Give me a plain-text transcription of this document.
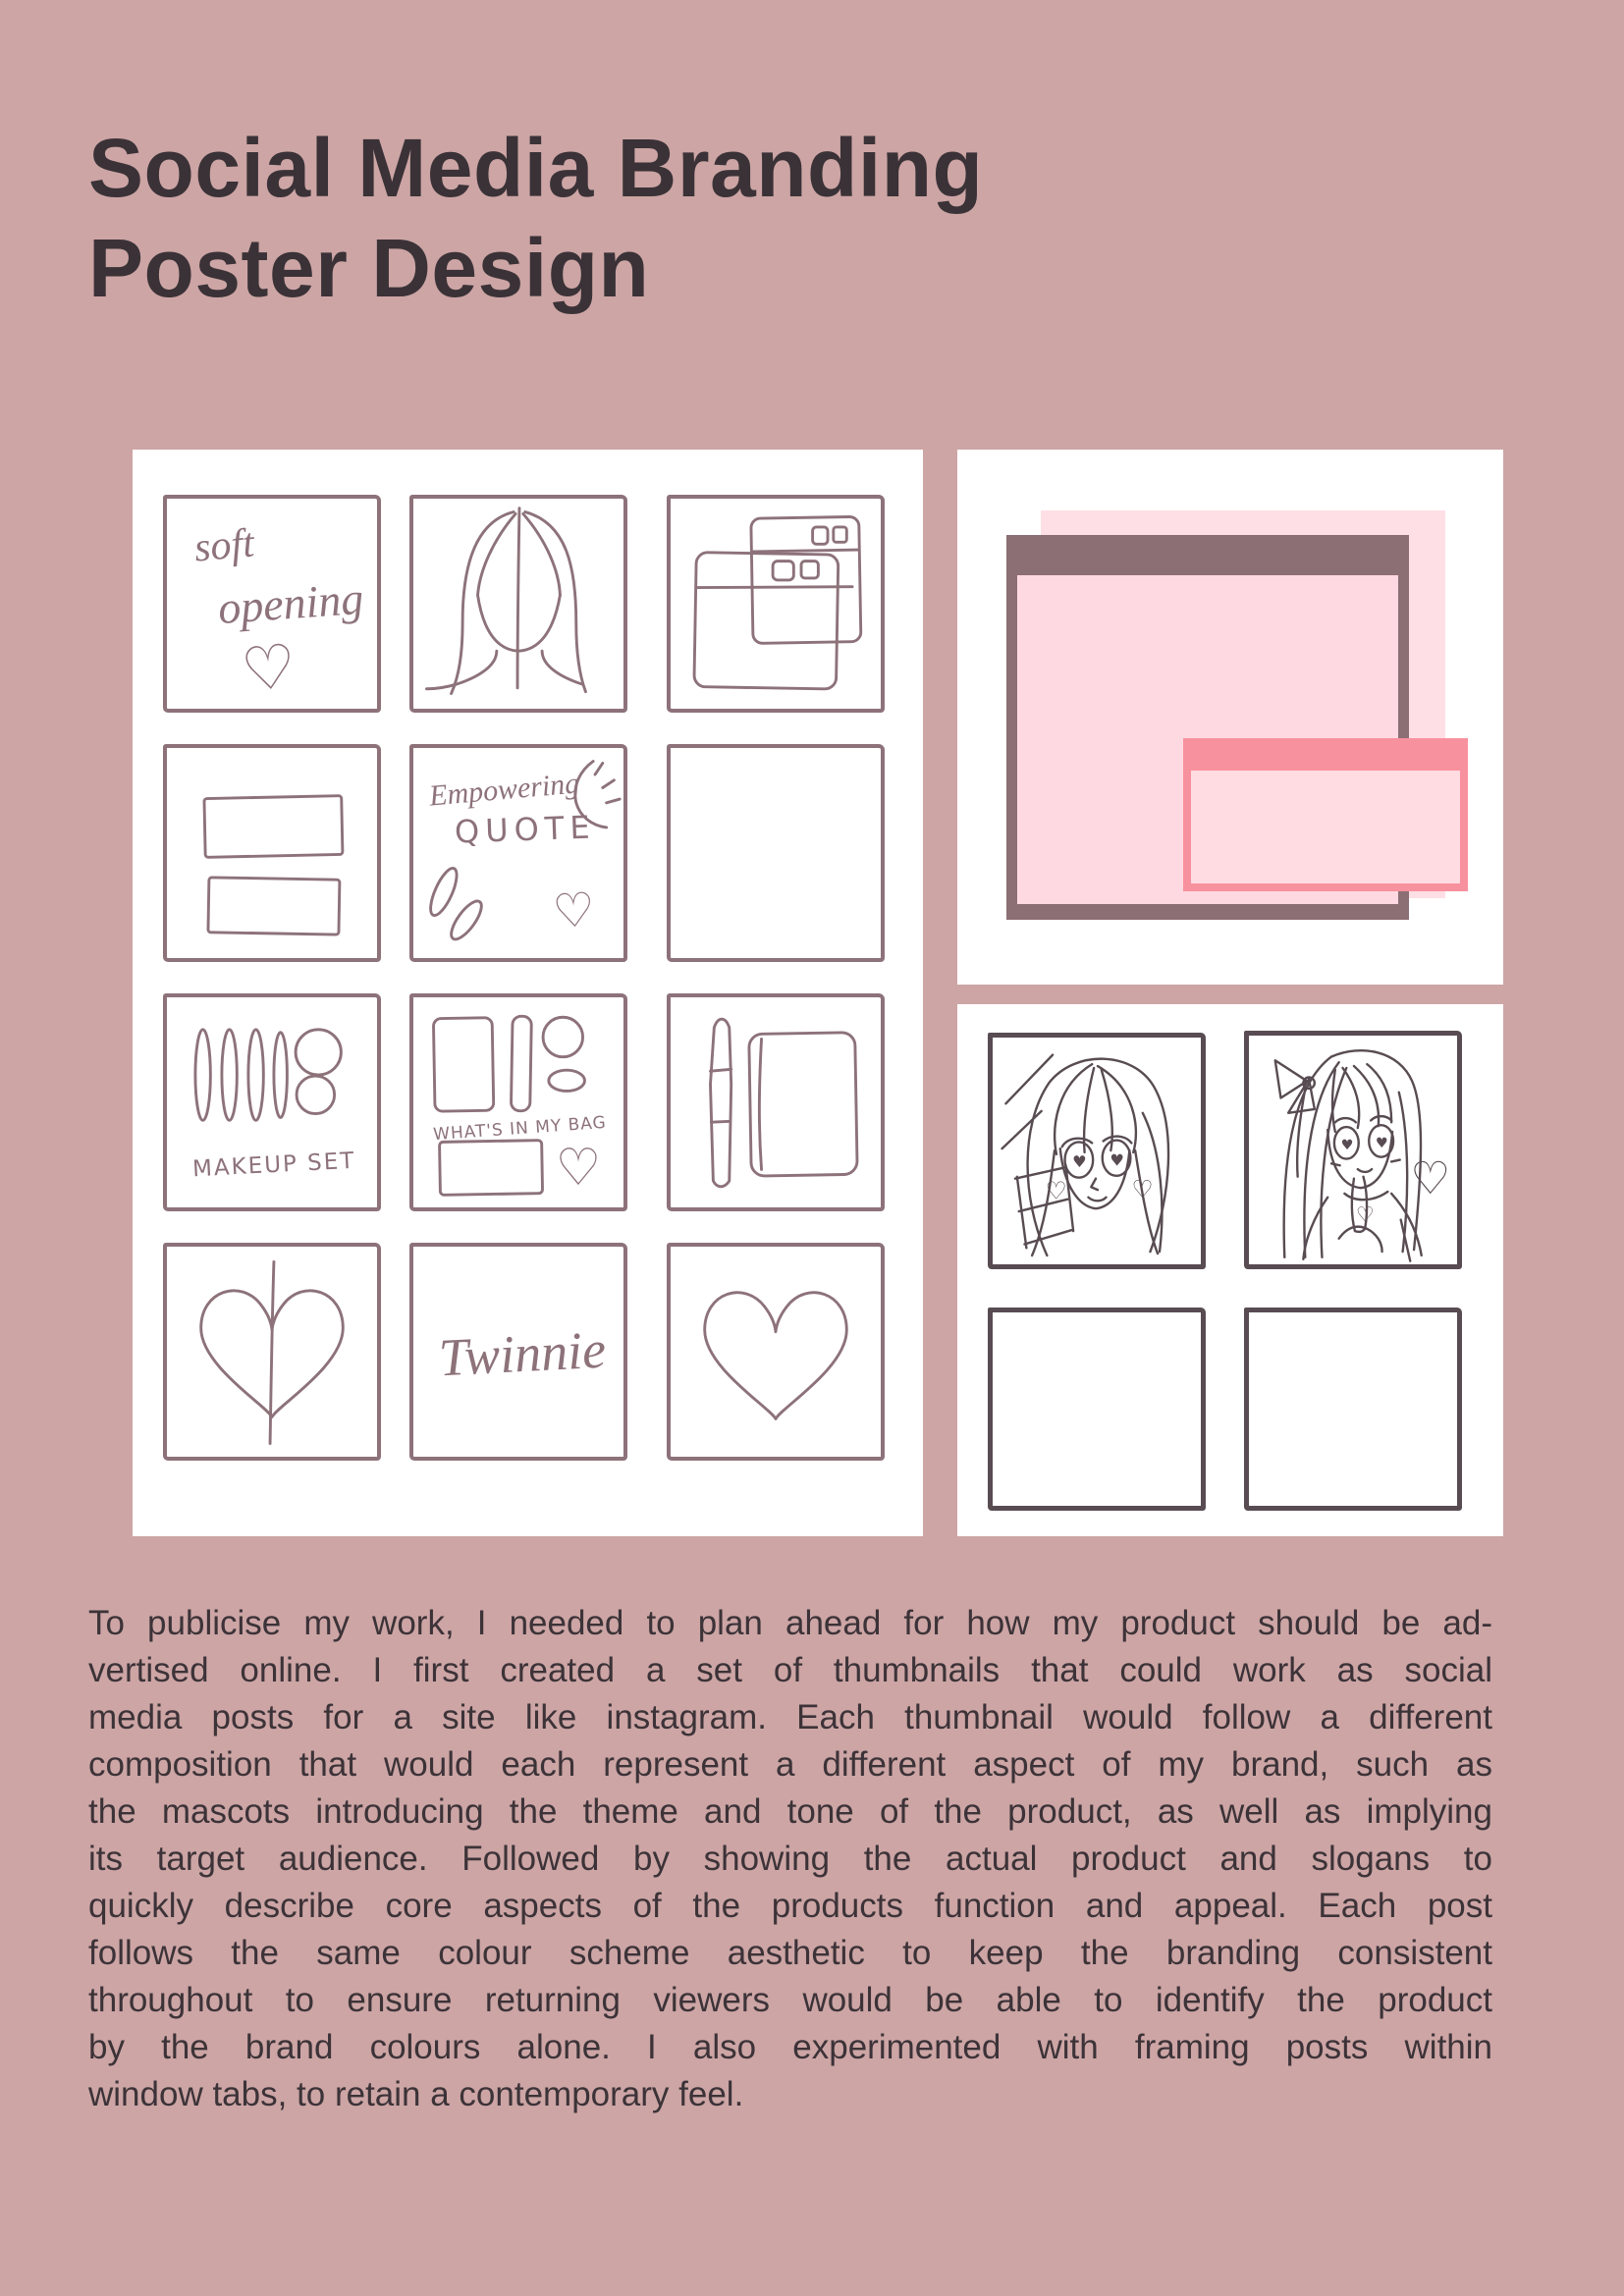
Social Media Branding
Poster Design
soft
opening
♡
Empowering
QUOTE
♡
MAKEUP SET	♡
WHAT'S IN MY BAG
Twinnie
♥ ♥
♡	♡
♥ ♥
♡
♡
To publicise my work, I needed to plan ahead for how my product should be ad-
vertised online. I first created a set of thumbnails that could work as social
media posts for a site like instagram. Each thumbnail would follow a different
composition that would each represent a different aspect of my brand, such as
the mascots introducing the theme and tone of the product, as well as implying
its target audience. Followed by showing the actual product and slogans to
quickly describe core aspects of the products function and appeal. Each post
follows the same colour scheme aesthetic to keep the branding consistent
throughout to ensure returning viewers would be able to identify the product
by the brand colours alone. I also experimented with framing posts within
window tabs, to retain a contemporary feel.
